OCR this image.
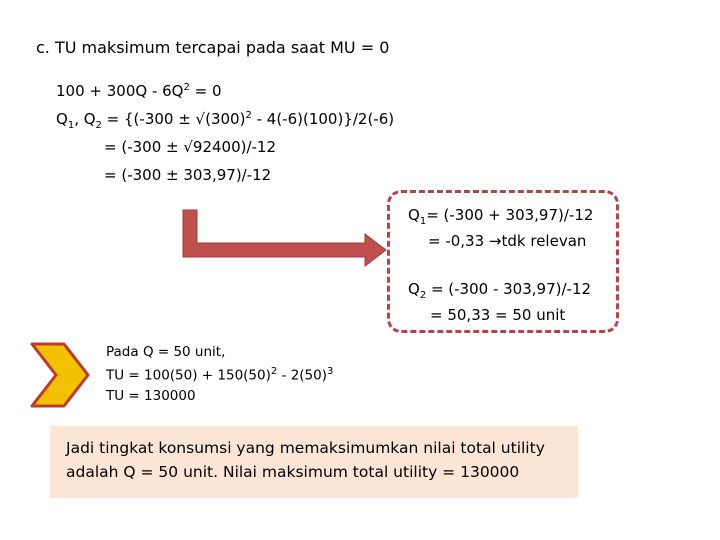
c. TU maksimum tercapai pada saat MU = 0
$100 + 300Q - 6Q^2 = 0$
$Q_1$, $Q_2 = \{(-300 \pm √(300)^2 - 4(-6)(100)\}/2(-6)$
= (-300 ± √92400)/-12
= (-300 ± 303,97)/-12
$Q_1= (-300 + 303,97)/-12$
= -0,33 →tdk relevan
$Q_2 = (-300 - 303,97)/-12$
= 50,33 = 50 unit
Pada Q = 50 unit,
TU = $100(50) + 150(50)^2 - 2(50)^3$
TU = 130000
Jadi tingkat konsumsi yang memaksimumkan nilai total utility
adalah Q = 50 unit. Nilai maksimum total utility = 130000
